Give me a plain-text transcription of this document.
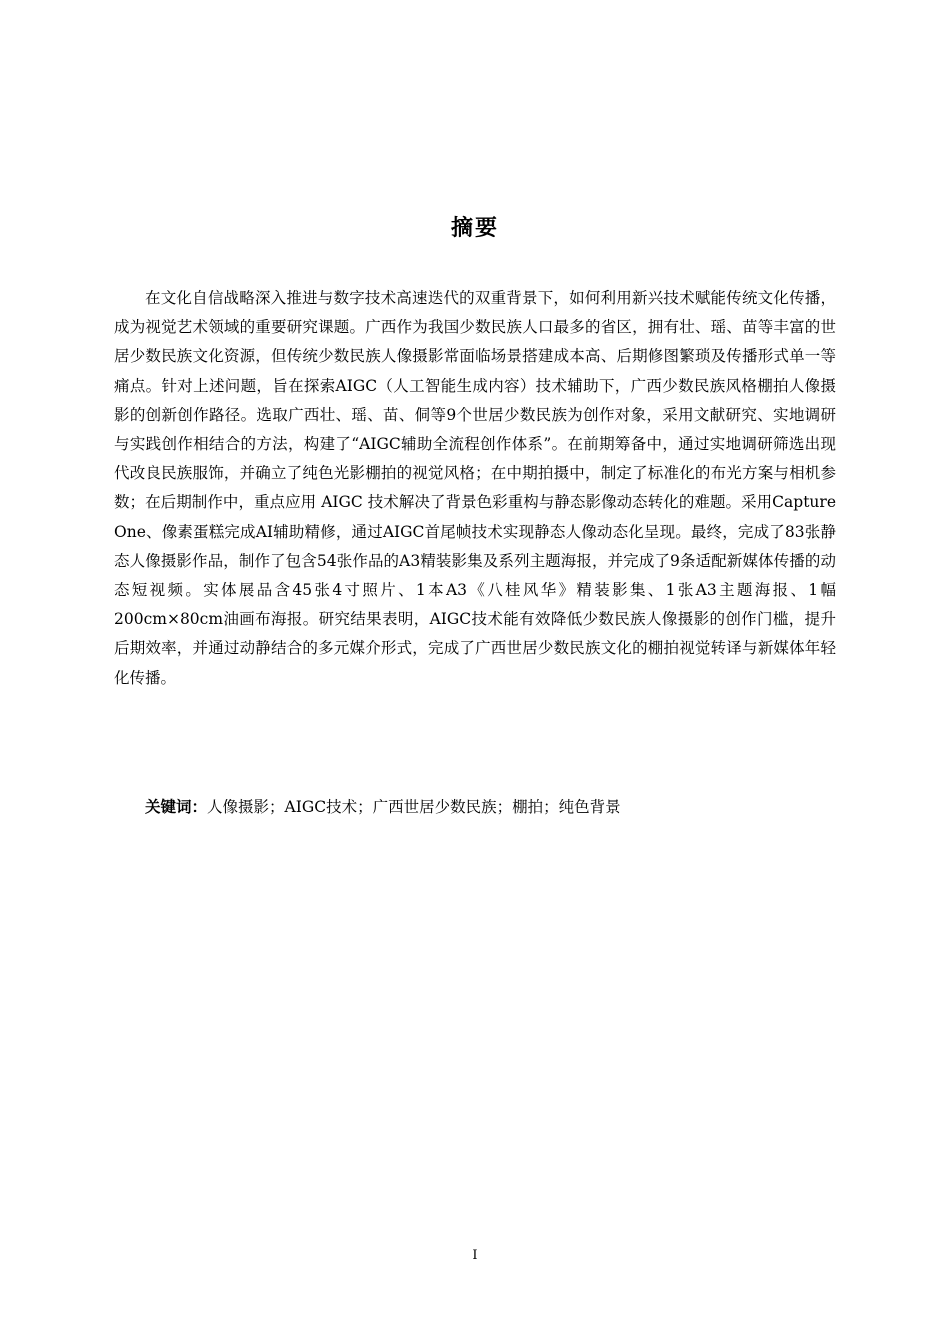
摘要

在文化自信战略深入推进与数字技术高速迭代的双重背景下，如何利用新兴技术赋能传统文化传播，成为视觉艺术领域的重要研究课题。广西作为我国少数民族人口最多的省区，拥有壮、瑶、苗等丰富的世居少数民族文化资源，但传统少数民族人像摄影常面临场景搭建成本高、后期修图繁琐及传播形式单一等痛点。针对上述问题，旨在探索AIGC（人工智能生成内容）技术辅助下，广西少数民族风格棚拍人像摄影的创新创作路径。选取广西壮、瑶、苗、侗等9个世居少数民族为创作对象，采用文献研究、实地调研与实践创作相结合的方法，构建了“AIGC辅助全流程创作体系”。在前期筹备中，通过实地调研筛选出现代改良民族服饰，并确立了纯色光影棚拍的视觉风格；在中期拍摄中，制定了标准化的布光方案与相机参数；在后期制作中，重点应用 AIGC 技术解决了背景色彩重构与静态影像动态转化的难题。采用Capture One、像素蛋糕完成AI辅助精修，通过AIGC首尾帧技术实现静态人像动态化呈现。最终，完成了83张静态人像摄影作品，制作了包含54张作品的A3精装影集及系列主题海报，并完成了9条适配新媒体传播的动态短视频。实体展品含45张4寸照片、1本A3《八桂风华》精装影集、1张A3主题海报、1幅200cm×80cm油画布海报。研究结果表明，AIGC技术能有效降低少数民族人像摄影的创作门槛，提升后期效率，并通过动静结合的多元媒介形式，完成了广西世居少数民族文化的棚拍视觉转译与新媒体年轻化传播。

关键词：人像摄影；AIGC技术；广西世居少数民族；棚拍；纯色背景

I
